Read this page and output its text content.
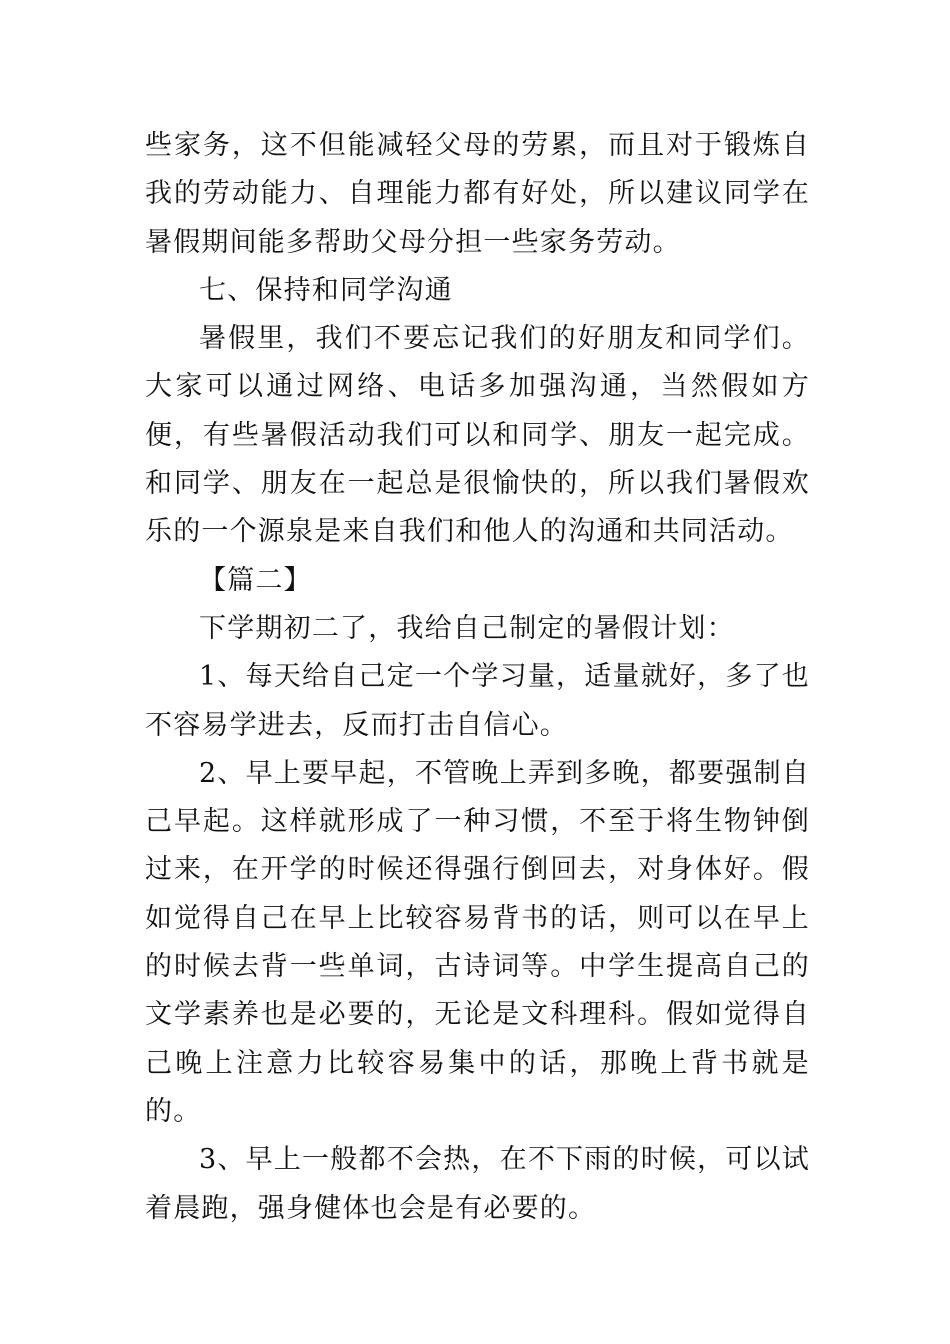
些家务，这不但能减轻父母的劳累，而且对于锻炼自我的劳动能力、自理能力都有好处，所以建议同学在暑假期间能多帮助父母分担一些家务劳动。

七、保持和同学沟通

暑假里，我们不要忘记我们的好朋友和同学们。大家可以通过网络、电话多加强沟通，当然假如方便，有些暑假活动我们可以和同学、朋友一起完成。和同学、朋友在一起总是很愉快的，所以我们暑假欢乐的一个源泉是来自我们和他人的沟通和共同活动。

【篇二】

下学期初二了，我给自己制定的暑假计划：

1、每天给自己定一个学习量，适量就好，多了也不容易学进去，反而打击自信心。

2、早上要早起，不管晚上弄到多晚，都要强制自己早起。这样就形成了一种习惯，不至于将生物钟倒过来，在开学的时候还得强行倒回去，对身体好。假如觉得自己在早上比较容易背书的话，则可以在早上的时候去背一些单词，古诗词等。中学生提高自己的文学素养也是必要的，无论是文科理科。假如觉得自己晚上注意力比较容易集中的话，那晚上背书就是的。

3、早上一般都不会热，在不下雨的时候，可以试着晨跑，强身健体也会是有必要的。
